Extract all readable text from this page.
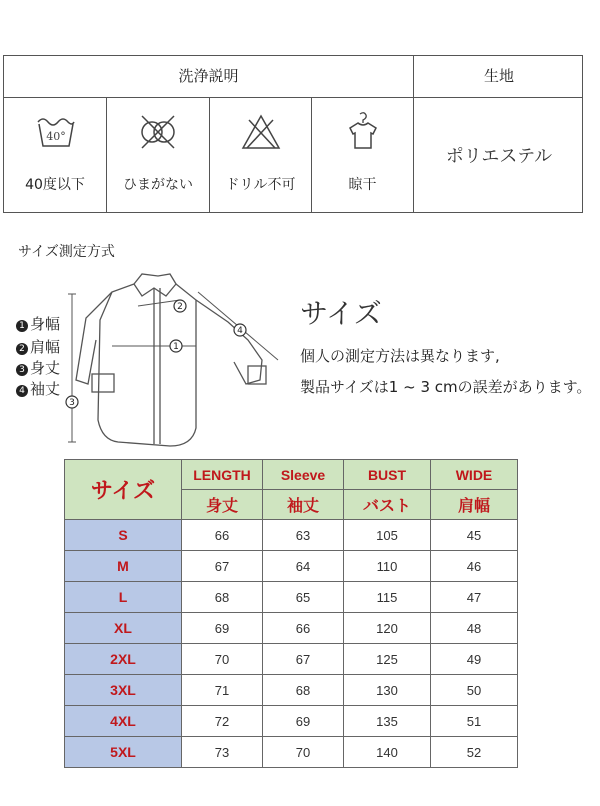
洗浄説明	生地
40°
40度以下	ひまがない	ドリル不可	晾干
ポリエステル
サイズ測定方式
1 身幅
2 肩幅
3 身丈
4 袖丈
2
1
3
4
サイズ
個人の測定方法は異なります,
製品サイズは1 ~ 3 cmの誤差があります。
サイズ	LENGTH	Sleeve	BUST	WIDE
	身丈	袖丈	バスト	肩幅
S	66	63	105	45
M	67	64	110	46
L	68	65	115	47
XL	69	66	120	48
2XL	70	67	125	49
3XL	71	68	130	50
4XL	72	69	135	51
5XL	73	70	140	52
